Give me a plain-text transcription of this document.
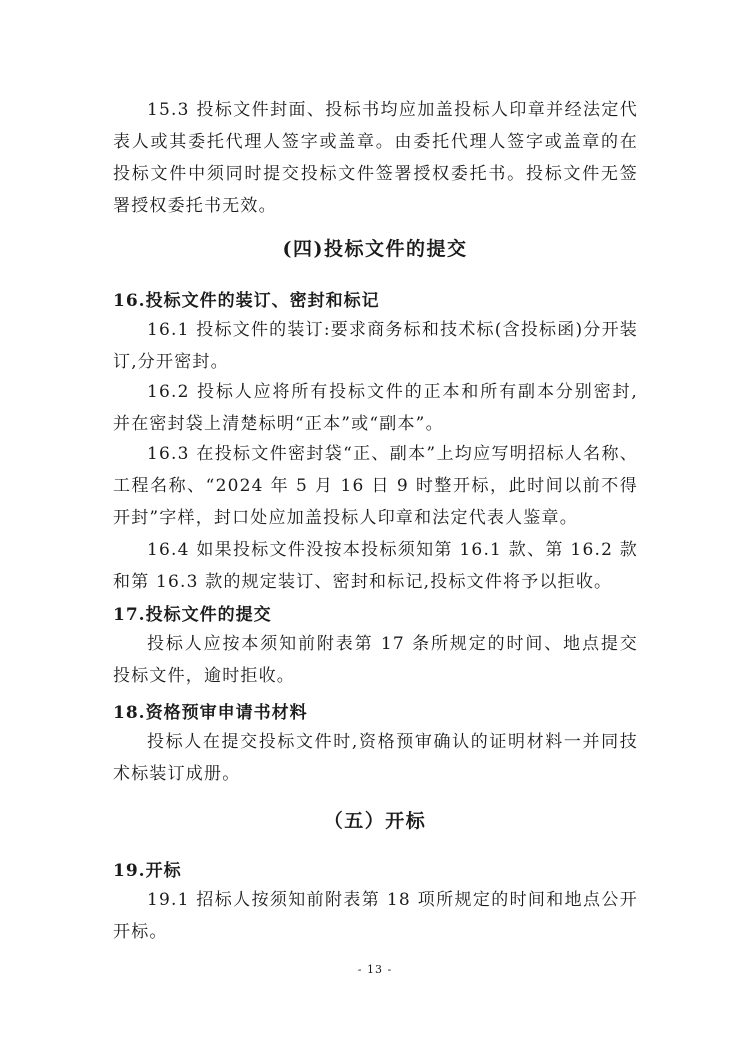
15.3 投标文件封面、投标书均应加盖投标人印章并经法定代表人或其委托代理人签字或盖章。由委托代理人签字或盖章的在投标文件中须同时提交投标文件签署授权委托书。投标文件无签署授权委托书无效。

(四)投标文件的提交
16.投标文件的装订、密封和标记

16.1 投标文件的装订:要求商务标和技术标(含投标函)分开装订,分开密封。

16.2 投标人应将所有投标文件的正本和所有副本分别密封,并在密封袋上清楚标明“正本”或“副本”。

16.3 在投标文件密封袋“正、副本”上均应写明招标人名称、工程名称、“2024 年 5 月 16 日 9 时整开标，此时间以前不得开封”字样，封口处应加盖投标人印章和法定代表人鉴章。

16.4 如果投标文件没按本投标须知第 16.1 款、第 16.2 款和第 16.3 款的规定装订、密封和标记,投标文件将予以拒收。

17.投标文件的提交

投标人应按本须知前附表第 17 条所规定的时间、地点提交投标文件，逾时拒收。

18.资格预审申请书材料

投标人在提交投标文件时,资格预审确认的证明材料一并同技术标装订成册。

（五）开标
19.开标

19.1 招标人按须知前附表第 18 项所规定的时间和地点公开开标。

- 13 -
